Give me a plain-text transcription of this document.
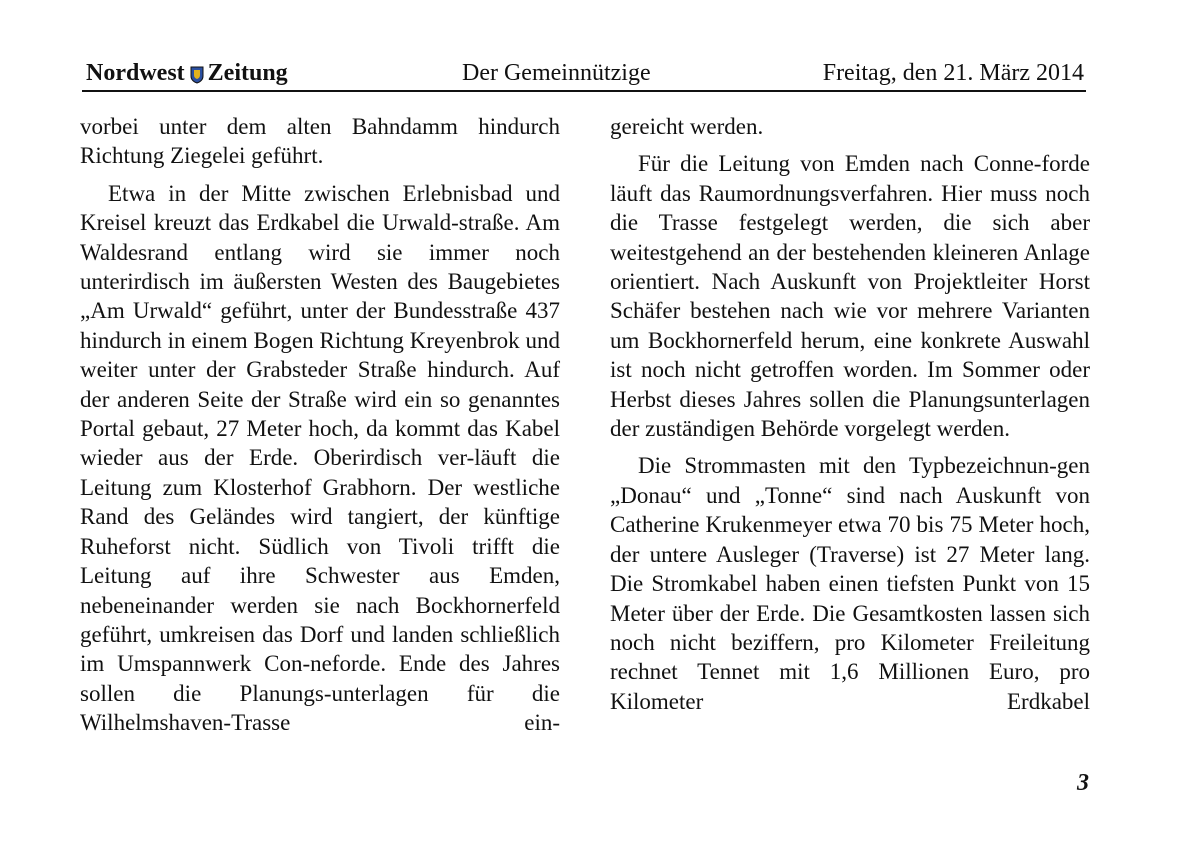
Nordwest Zeitung	Der Gemeinnützige	Freitag, den 21. März 2014

vorbei unter dem alten Bahndamm hindurch Richtung Ziegelei geführt.

Etwa in der Mitte zwischen Erlebnisbad und Kreisel kreuzt das Erdkabel die Urwald-straße. Am Waldesrand entlang wird sie immer noch unterirdisch im äußersten Westen des Baugebietes „Am Urwald“ geführt, unter der Bundesstraße 437 hindurch in einem Bogen Richtung Kreyenbrok und weiter unter der Grabsteder Straße hindurch. Auf der anderen Seite der Straße wird ein so genanntes Portal gebaut, 27 Meter hoch, da kommt das Kabel wieder aus der Erde. Oberirdisch ver-läuft die Leitung zum Klosterhof Grabhorn. Der westliche Rand des Geländes wird tangiert, der künftige Ruheforst nicht. Südlich von Tivoli trifft die Leitung auf ihre Schwester aus Emden, nebeneinander werden sie nach Bockhornerfeld geführt, umkreisen das Dorf und landen schließlich im Umspannwerk Con-neforde. Ende des Jahres sollen die Planungs-unterlagen für die Wilhelmshaven-Trasse ein-

gereicht werden.

Für die Leitung von Emden nach Conne-forde läuft das Raumordnungsverfahren. Hier muss noch die Trasse festgelegt werden, die sich aber weitestgehend an der bestehenden kleineren Anlage orientiert. Nach Auskunft von Projektleiter Horst Schäfer bestehen nach wie vor mehrere Varianten um Bockhornerfeld herum, eine konkrete Auswahl ist noch nicht getroffen worden. Im Sommer oder Herbst dieses Jahres sollen die Planungsunterlagen der zuständigen Behörde vorgelegt werden.

Die Strommasten mit den Typbezeichnun-gen „Donau“ und „Tonne“ sind nach Auskunft von Catherine Krukenmeyer etwa 70 bis 75 Meter hoch, der untere Ausleger (Traverse) ist 27 Meter lang. Die Stromkabel haben einen tiefsten Punkt von 15 Meter über der Erde. Die Gesamtkosten lassen sich noch nicht beziffern, pro Kilometer Freileitung rechnet Tennet mit 1,6 Millionen Euro, pro Kilometer Erdkabel

3
